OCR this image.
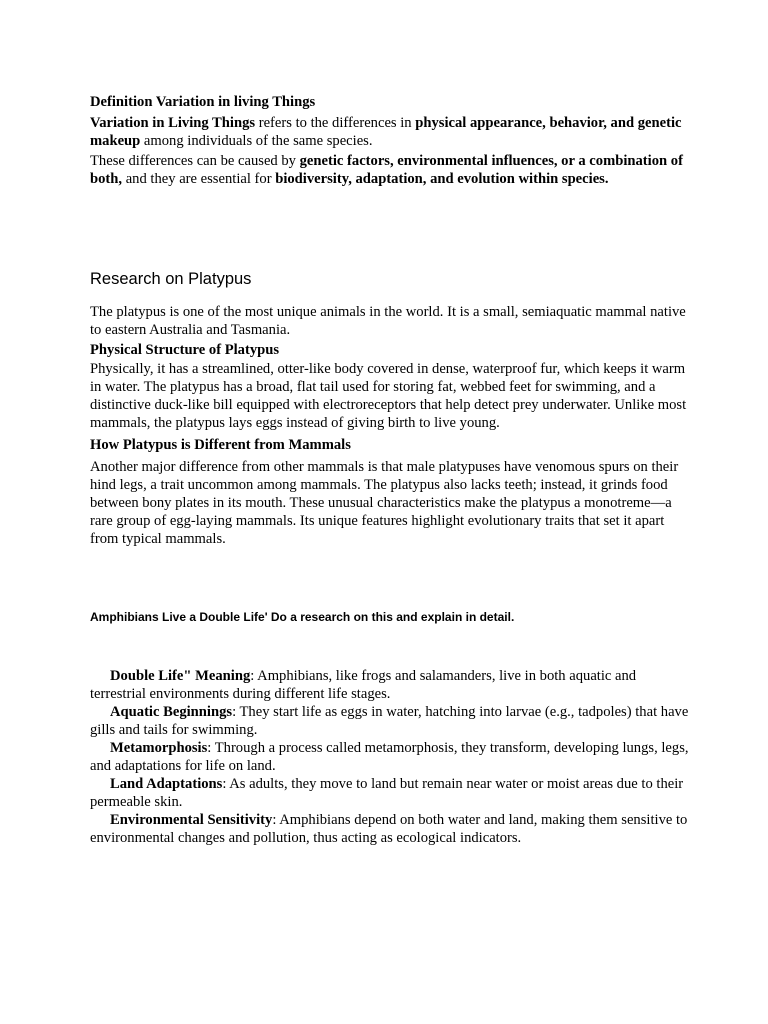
Definition Variation in living Things
Variation in Living Things refers to the differences in physical appearance, behavior, and genetic makeup among individuals of the same species.
These differences can be caused by genetic factors, environmental influences, or a combination of both, and they are essential for biodiversity, adaptation, and evolution within species.
Research on Platypus
The platypus is one of the most unique animals in the world. It is a small, semiaquatic mammal native to eastern Australia and Tasmania.
Physical Structure of Platypus
Physically, it has a streamlined, otter-like body covered in dense, waterproof fur, which keeps it warm in water. The platypus has a broad, flat tail used for storing fat, webbed feet for swimming, and a distinctive duck-like bill equipped with electroreceptors that help detect prey underwater. Unlike most mammals, the platypus lays eggs instead of giving birth to live young.
How Platypus is Different from Mammals
Another major difference from other mammals is that male platypuses have venomous spurs on their hind legs, a trait uncommon among mammals. The platypus also lacks teeth; instead, it grinds food between bony plates in its mouth. These unusual characteristics make the platypus a monotreme—a rare group of egg-laying mammals. Its unique features highlight evolutionary traits that set it apart from typical mammals.
Amphibians Live a Double Life' Do a research on this and explain in detail.

Double Life" Meaning: Amphibians, like frogs and salamanders, live in both aquatic and terrestrial environments during different life stages.

Aquatic Beginnings: They start life as eggs in water, hatching into larvae (e.g., tadpoles) that have gills and tails for swimming.

Metamorphosis: Through a process called metamorphosis, they transform, developing lungs, legs, and adaptations for life on land.

Land Adaptations: As adults, they move to land but remain near water or moist areas due to their permeable skin.

Environmental Sensitivity: Amphibians depend on both water and land, making them sensitive to environmental changes and pollution, thus acting as ecological indicators.
